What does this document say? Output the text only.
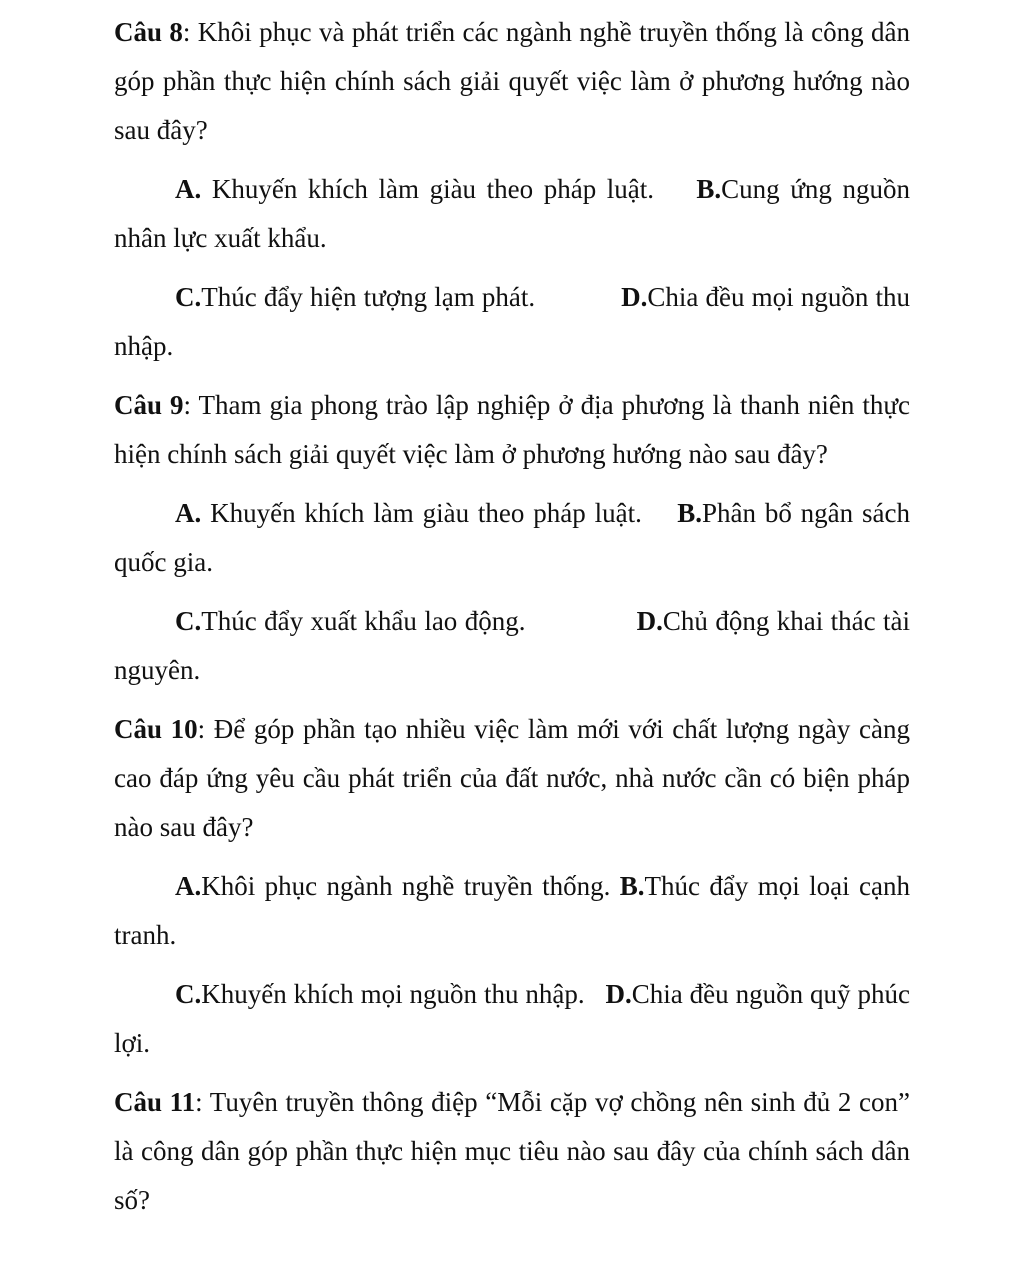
Câu 8: Khôi phục và phát triển các ngành nghề truyền thống là công dân góp phần thực hiện chính sách giải quyết việc làm ở phương hướng nào sau đây?

A. Khuyến khích làm giàu theo pháp luật. B.Cung ứng nguồn nhân lực xuất khẩu.

C.Thúc đẩy hiện tượng lạm phát.	D.Chia đều mọi nguồn thu nhập.

Câu 9: Tham gia phong trào lập nghiệp ở địa phương là thanh niên thực hiện chính sách giải quyết việc làm ở phương hướng nào sau đây?

A. Khuyến khích làm giàu theo pháp luật. B.Phân bổ ngân sách quốc gia.

C.Thúc đẩy xuất khẩu lao động.	D.Chủ động khai thác tài nguyên.

Câu 10: Để góp phần tạo nhiều việc làm mới với chất lượng ngày càng cao đáp ứng yêu cầu phát triển của đất nước, nhà nước cần có biện pháp nào sau đây?

A.Khôi phục ngành nghề truyền thống. B.Thúc đẩy mọi loại cạnh tranh.

C.Khuyến khích mọi nguồn thu nhập. D.Chia đều nguồn quỹ phúc lợi.

Câu 11: Tuyên truyền thông điệp “Mỗi cặp vợ chồng nên sinh đủ 2 con” là công dân góp phần thực hiện mục tiêu nào sau đây của chính sách dân số?
